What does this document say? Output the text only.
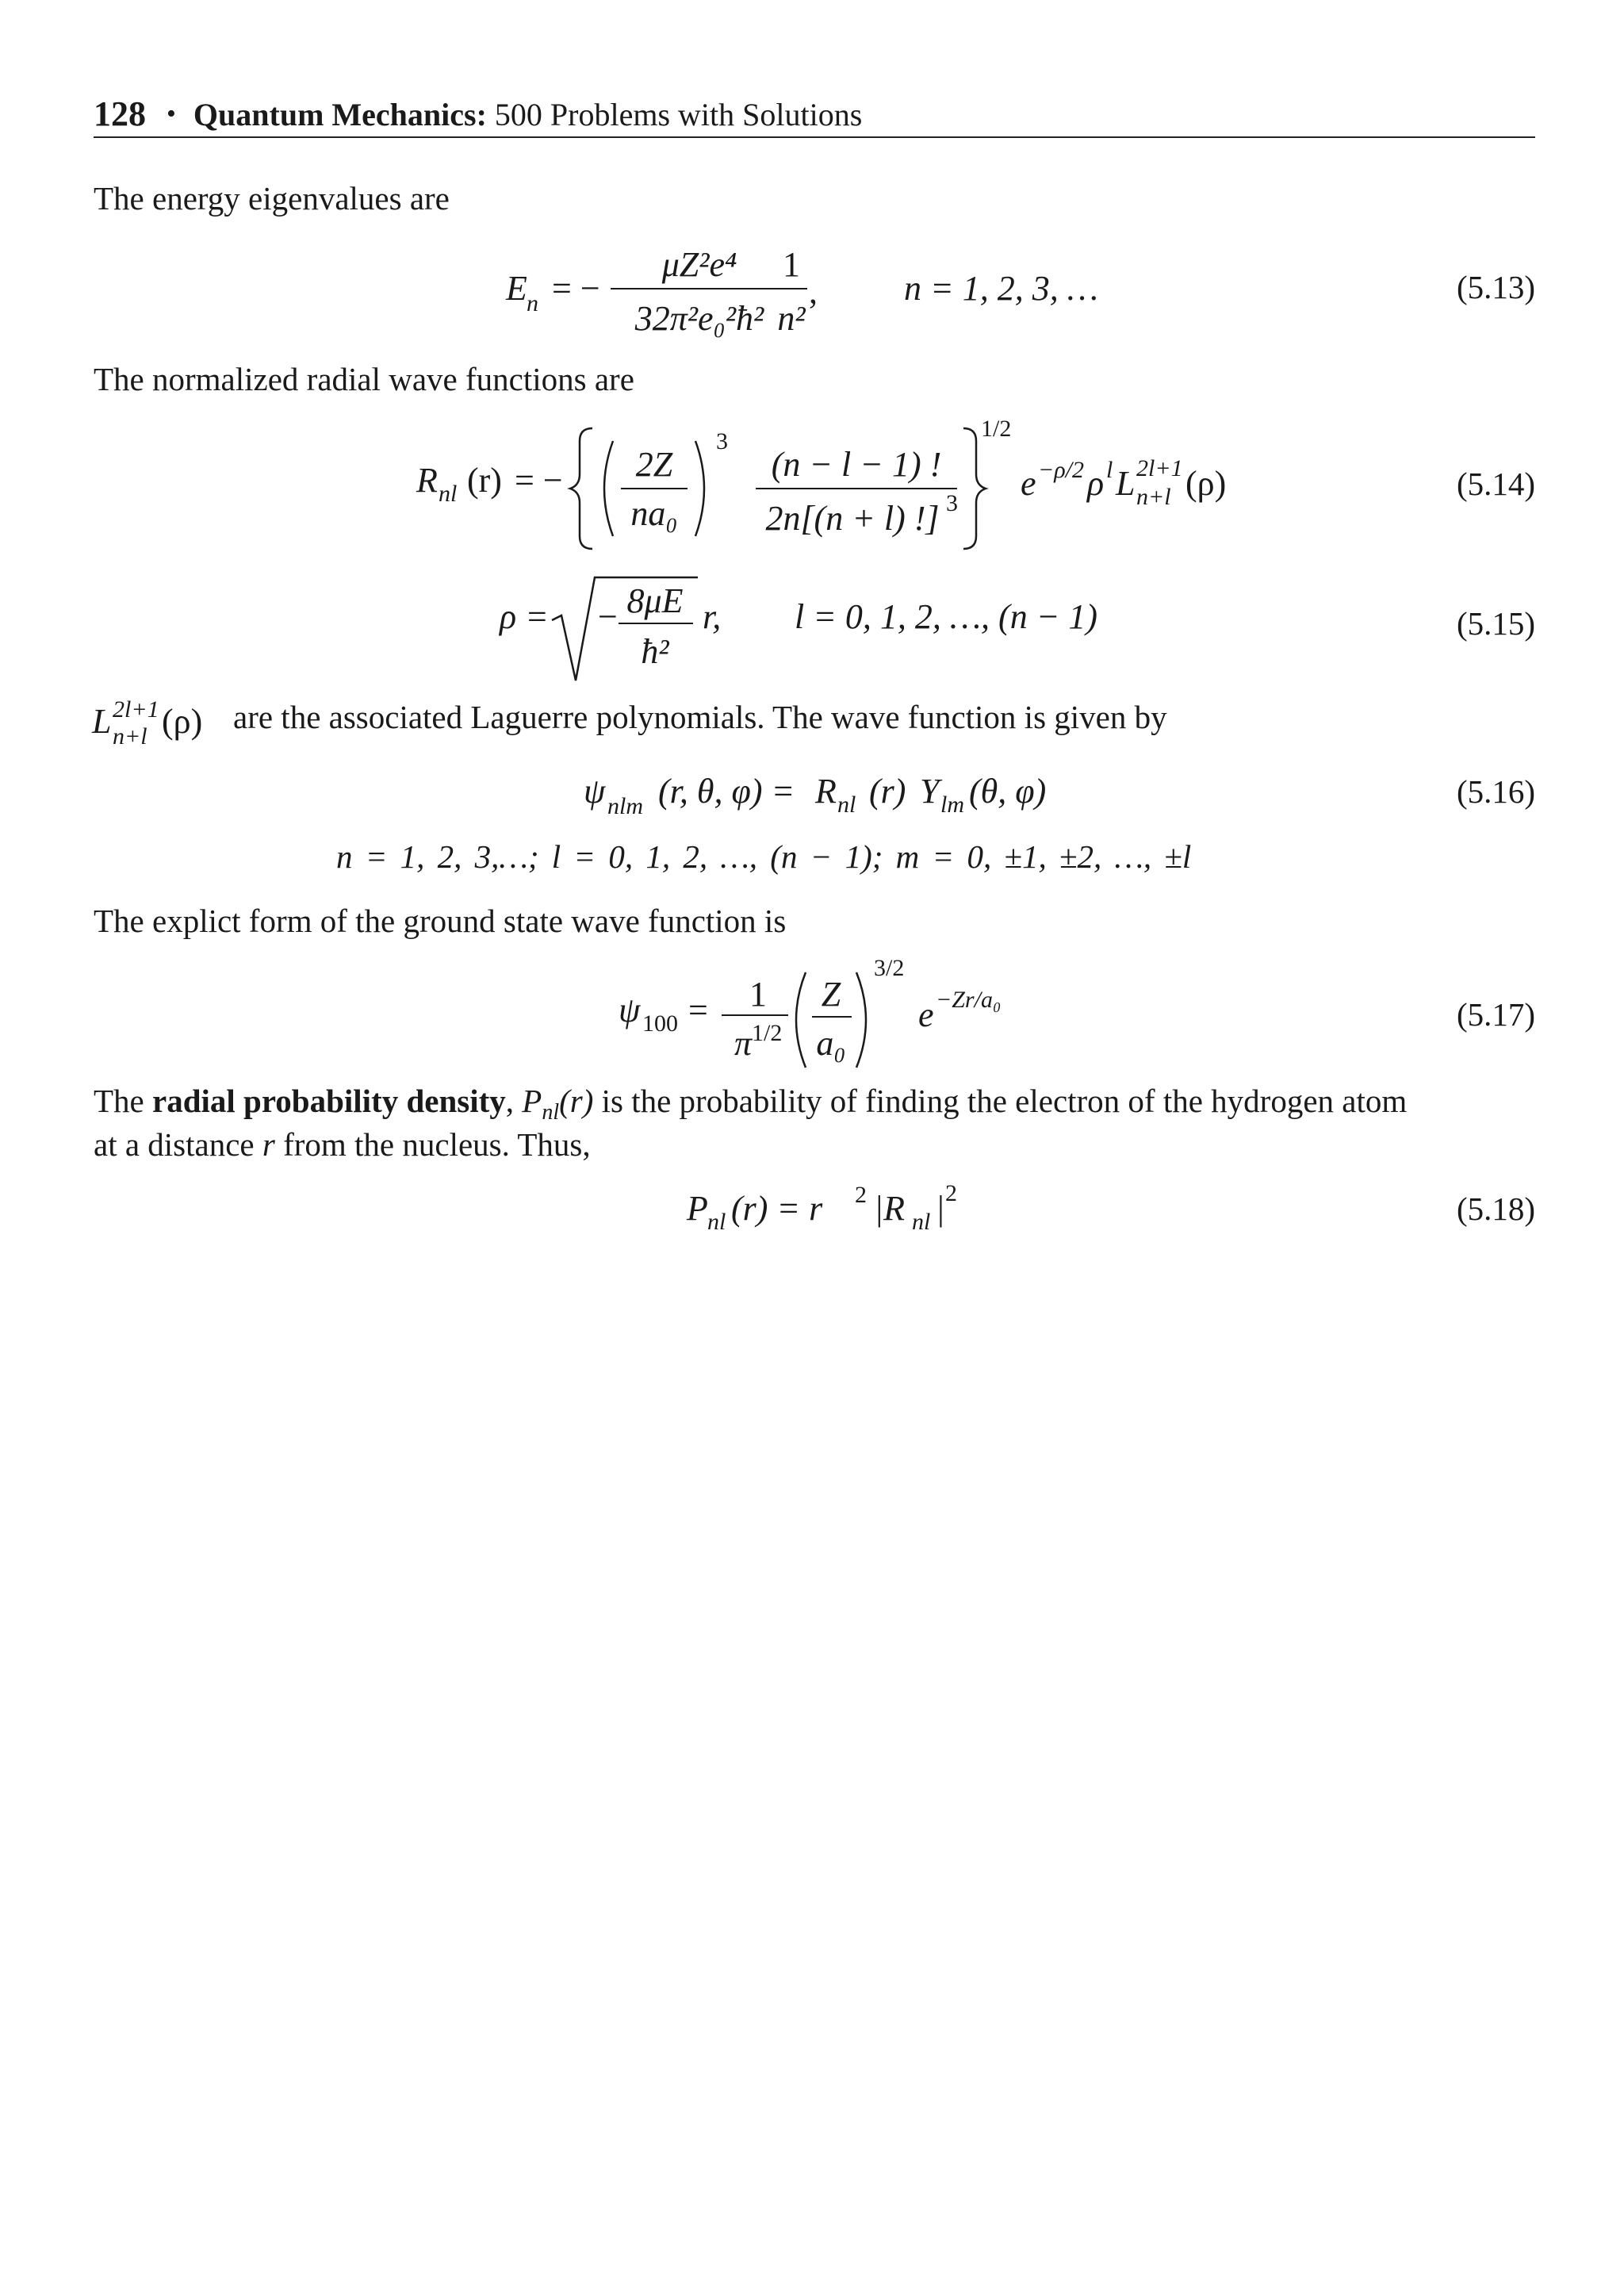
128 • Quantum Mechanics: 500 Problems with Solutions
The energy eigenvalues are
E n = −
μZ²e⁴
32π²e₀²ħ²
1
n²
, n = 1, 2, 3, …	(5.13)
The normalized radial wave functions are
R nl (r) = − 2Z
na₀
3
(n − l − 1) !
2n[(n + l) !] 3
1/2
e −ρ/2 ρ l L 2l+1
n+l (ρ)	(5.14)
ρ = − 8μE
ħ²
r, l = 0, 1, 2, …, (n − 1)	(5.15)
L 2l+1
n+l (ρ) are the associated Laguerre polynomials. The wave function is given by
ψ nlm (r, θ, φ) = R nl (r) Y lm (θ, φ)	(5.16)
n = 1, 2, 3,…; l = 0, 1, 2, …, (n − 1); m = 0, ±1, ±2, …, ±l
The explict form of the ground state wave function is
ψ 100 = 1
π 1/2
Z
a₀
3/2
e −Zr/a₀	(5.17)
The radial probability density, $P_{nl}(r)$ is the probability of finding the electron of the hydrogen atom
at a distance r from the nucleus. Thus,
P nl (r) = r 2 |R nl | 2	(5.18)
